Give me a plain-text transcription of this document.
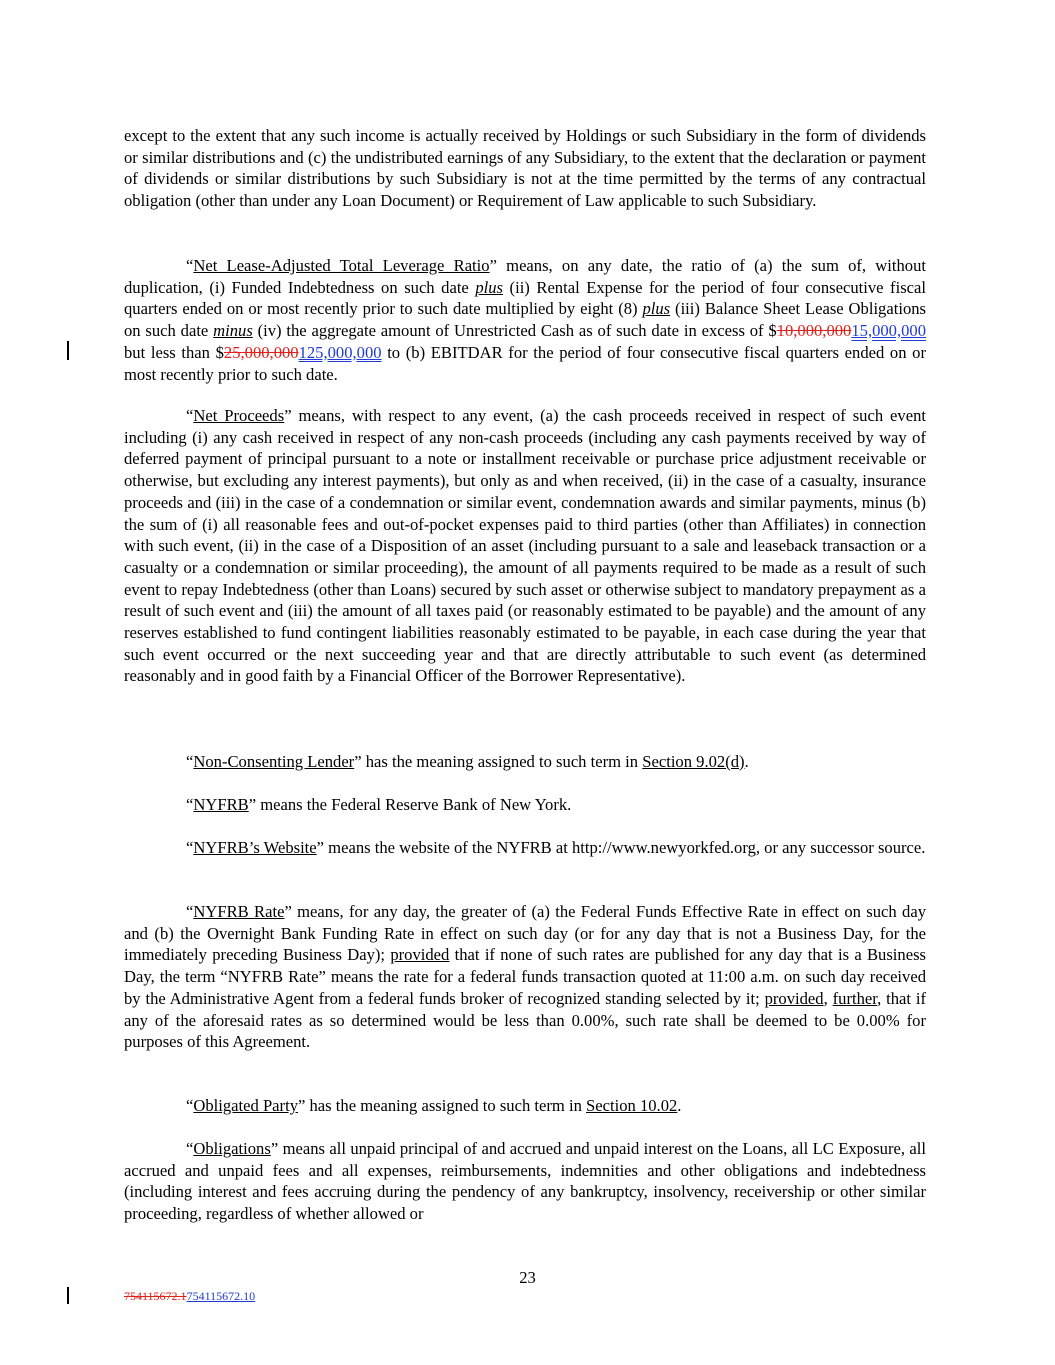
except to the extent that any such income is actually received by Holdings or such Subsidiary in the form of dividends or similar distributions and (c) the undistributed earnings of any Subsidiary, to the extent that the declaration or payment of dividends or similar distributions by such Subsidiary is not at the time permitted by the terms of any contractual obligation (other than under any Loan Document) or Requirement of Law applicable to such Subsidiary.

“Net Lease-Adjusted Total Leverage Ratio” means, on any date, the ratio of (a) the sum of, without duplication, (i) Funded Indebtedness on such date plus (ii) Rental Expense for the period of four consecutive fiscal quarters ended on or most recently prior to such date multiplied by eight (8) plus (iii) Balance Sheet Lease Obligations on such date minus (iv) the aggregate amount of Unrestricted Cash as of such date in excess of $10,000,00015,000,000 but less than $25,000,000125,000,000 to (b) EBITDAR for the period of four consecutive fiscal quarters ended on or most recently prior to such date.

“Net Proceeds” means, with respect to any event, (a) the cash proceeds received in respect of such event including (i) any cash received in respect of any non-cash proceeds (including any cash payments received by way of deferred payment of principal pursuant to a note or installment receivable or purchase price adjustment receivable or otherwise, but excluding any interest payments), but only as and when received, (ii) in the case of a casualty, insurance proceeds and (iii) in the case of a condemnation or similar event, condemnation awards and similar payments, minus (b) the sum of (i) all reasonable fees and out-of-pocket expenses paid to third parties (other than Affiliates) in connection with such event, (ii) in the case of a Disposition of an asset (including pursuant to a sale and leaseback transaction or a casualty or a condemnation or similar proceeding), the amount of all payments required to be made as a result of such event to repay Indebtedness (other than Loans) secured by such asset or otherwise subject to mandatory prepayment as a result of such event and (iii) the amount of all taxes paid (or reasonably estimated to be payable) and the amount of any reserves established to fund contingent liabilities reasonably estimated to be payable, in each case during the year that such event occurred or the next succeeding year and that are directly attributable to such event (as determined reasonably and in good faith by a Financial Officer of the Borrower Representative).

“Non-Consenting Lender” has the meaning assigned to such term in Section 9.02(d).

“NYFRB” means the Federal Reserve Bank of New York.

“NYFRB’s Website” means the website of the NYFRB at http://www.newyorkfed.org, or any successor source.

“NYFRB Rate” means, for any day, the greater of (a) the Federal Funds Effective Rate in effect on such day and (b) the Overnight Bank Funding Rate in effect on such day (or for any day that is not a Business Day, for the immediately preceding Business Day); provided that if none of such rates are published for any day that is a Business Day, the term “NYFRB Rate” means the rate for a federal funds transaction quoted at 11:00 a.m. on such day received by the Administrative Agent from a federal funds broker of recognized standing selected by it; provided, further, that if any of the aforesaid rates as so determined would be less than 0.00%, such rate shall be deemed to be 0.00% for purposes of this Agreement.

“Obligated Party” has the meaning assigned to such term in Section 10.02.

“Obligations” means all unpaid principal of and accrued and unpaid interest on the Loans, all LC Exposure, all accrued and unpaid fees and all expenses, reimbursements, indemnities and other obligations and indebtedness (including interest and fees accruing during the pendency of any bankruptcy, insolvency, receivership or other similar proceeding, regardless of whether allowed or

23
754115672.1754115672.10
